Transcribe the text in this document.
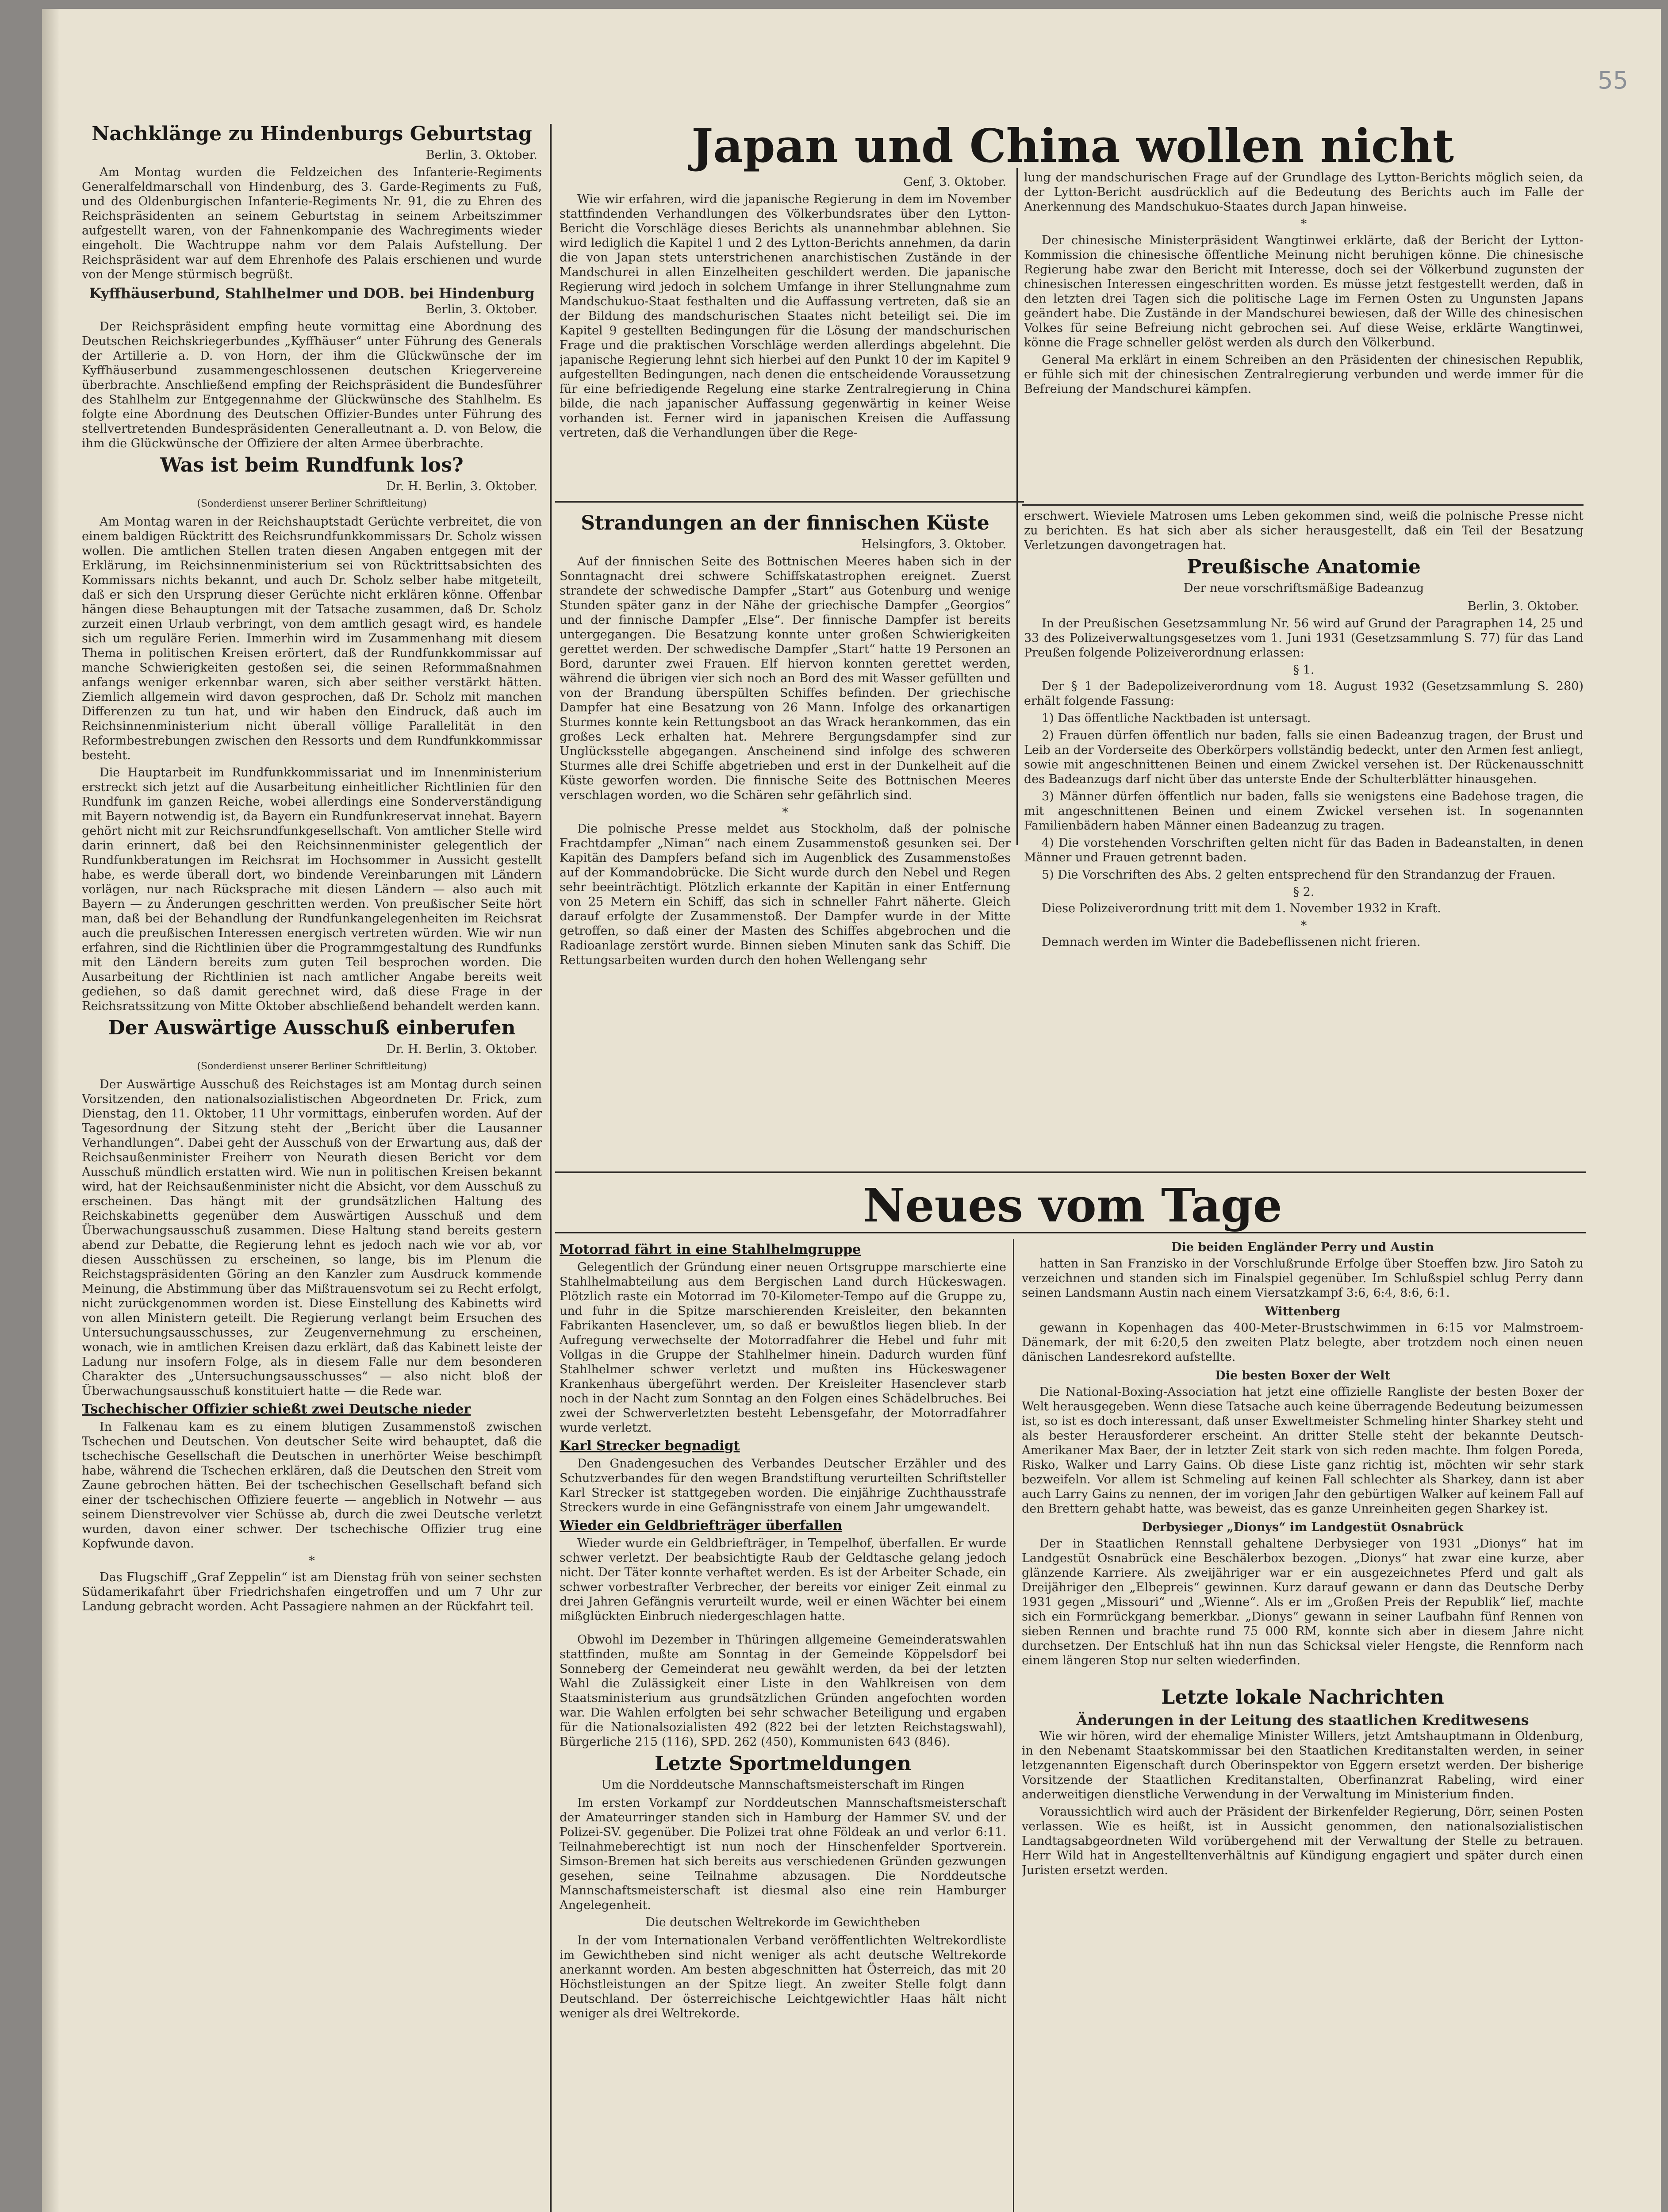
55
Nachklänge zu Hindenburgs Geburtstag
Berlin, 3. Oktober.

Am Montag wurden die Feldzeichen des Infanterie-Regiments Generalfeldmarschall von Hindenburg, des 3. Garde-Regiments zu Fuß, und des Oldenburgischen Infanterie-Regiments Nr. 91, die zu Ehren des Reichspräsidenten an seinem Geburtstag in seinem Arbeitszimmer aufgestellt waren, von der Fahnenkompanie des Wachregiments wieder eingeholt. Die Wachtruppe nahm vor dem Palais Aufstellung. Der Reichspräsident war auf dem Ehrenhofe des Palais erschienen und wurde von der Menge stürmisch begrüßt.

Kyffhäuserbund, Stahlhelmer und DOB. bei Hindenburg
Berlin, 3. Oktober.

Der Reichspräsident empfing heute vormittag eine Abordnung des Deutschen Reichskriegerbundes „Kyffhäuser“ unter Führung des Generals der Artillerie a. D. von Horn, der ihm die Glückwünsche der im Kyffhäuserbund zusammengeschlossenen deutschen Kriegervereine überbrachte. Anschließend empfing der Reichspräsident die Bundesführer des Stahlhelm zur Entgegennahme der Glückwünsche des Stahlhelm. Es folgte eine Abordnung des Deutschen Offizier-Bundes unter Führung des stellvertretenden Bundespräsidenten Generalleutnant a. D. von Below, die ihm die Glückwünsche der Offiziere der alten Armee überbrachte.

Was ist beim Rundfunk los?
Dr. H. Berlin, 3. Oktober.
(Sonderdienst unserer Berliner Schriftleitung)

Am Montag waren in der Reichshauptstadt Gerüchte verbreitet, die von einem baldigen Rücktritt des Reichsrundfunkkommissars Dr. Scholz wissen wollen. Die amtlichen Stellen traten diesen Angaben entgegen mit der Erklärung, im Reichsinnenministerium sei von Rücktrittsabsichten des Kommissars nichts bekannt, und auch Dr. Scholz selber habe mitgeteilt, daß er sich den Ursprung dieser Gerüchte nicht erklären könne. Offenbar hängen diese Behauptungen mit der Tatsache zusammen, daß Dr. Scholz zurzeit einen Urlaub verbringt, von dem amtlich gesagt wird, es handele sich um reguläre Ferien. Immerhin wird im Zusammenhang mit diesem Thema in politischen Kreisen erörtert, daß der Rundfunkkommissar auf manche Schwierigkeiten gestoßen sei, die seinen Reformmaßnahmen anfangs weniger erkennbar waren, sich aber seither verstärkt hätten. Ziemlich allgemein wird davon gesprochen, daß Dr. Scholz mit manchen Differenzen zu tun hat, und wir haben den Eindruck, daß auch im Reichsinnenministerium nicht überall völlige Parallelität in den Reformbestrebungen zwischen den Ressorts und dem Rundfunkkommissar besteht.

Die Hauptarbeit im Rundfunkkommissariat und im Innenministerium erstreckt sich jetzt auf die Ausarbeitung einheitlicher Richtlinien für den Rundfunk im ganzen Reiche, wobei allerdings eine Sonderverständigung mit Bayern notwendig ist, da Bayern ein Rundfunkreservat innehat. Bayern gehört nicht mit zur Reichsrundfunkgesellschaft. Von amtlicher Stelle wird darin erinnert, daß bei den Reichsinnenminister gelegentlich der Rundfunkberatungen im Reichsrat im Hochsommer in Aussicht gestellt habe, es werde überall dort, wo bindende Vereinbarungen mit Ländern vorlägen, nur nach Rücksprache mit diesen Ländern — also auch mit Bayern — zu Änderungen geschritten werden. Von preußischer Seite hört man, daß bei der Behandlung der Rundfunkangelegenheiten im Reichsrat auch die preußischen Interessen energisch vertreten würden. Wie wir nun erfahren, sind die Richtlinien über die Programmgestaltung des Rundfunks mit den Ländern bereits zum guten Teil besprochen worden. Die Ausarbeitung der Richtlinien ist nach amtlicher Angabe bereits weit gediehen, so daß damit gerechnet wird, daß diese Frage in der Reichsratssitzung von Mitte Oktober abschließend behandelt werden kann.

Der Auswärtige Ausschuß einberufen
Dr. H. Berlin, 3. Oktober.
(Sonderdienst unserer Berliner Schriftleitung)

Der Auswärtige Ausschuß des Reichstages ist am Montag durch seinen Vorsitzenden, den nationalsozialistischen Abgeordneten Dr. Frick, zum Dienstag, den 11. Oktober, 11 Uhr vormittags, einberufen worden. Auf der Tagesordnung der Sitzung steht der „Bericht über die Lausanner Verhandlungen“. Dabei geht der Ausschuß von der Erwartung aus, daß der Reichsaußenminister Freiherr von Neurath diesen Bericht vor dem Ausschuß mündlich erstatten wird. Wie nun in politischen Kreisen bekannt wird, hat der Reichsaußenminister nicht die Absicht, vor dem Ausschuß zu erscheinen. Das hängt mit der grundsätzlichen Haltung des Reichskabinetts gegenüber dem Auswärtigen Ausschuß und dem Überwachungsausschuß zusammen. Diese Haltung stand bereits gestern abend zur Debatte, die Regierung lehnt es jedoch nach wie vor ab, vor diesen Ausschüssen zu erscheinen, so lange, bis im Plenum die Reichstagspräsidenten Göring an den Kanzler zum Ausdruck kommende Meinung, die Abstimmung über das Mißtrauensvotum sei zu Recht erfolgt, nicht zurückgenommen worden ist. Diese Einstellung des Kabinetts wird von allen Ministern geteilt. Die Regierung verlangt beim Ersuchen des Untersuchungsausschusses, zur Zeugenvernehmung zu erscheinen, wonach, wie in amtlichen Kreisen dazu erklärt, daß das Kabinett leiste der Ladung nur insofern Folge, als in diesem Falle nur dem besonderen Charakter des „Untersuchungsausschusses“ — also nicht bloß der Überwachungsausschuß konstituiert hatte — die Rede war.

Tschechischer Offizier schießt zwei Deutsche nieder

In Falkenau kam es zu einem blutigen Zusammenstoß zwischen Tschechen und Deutschen. Von deutscher Seite wird behauptet, daß die tschechische Gesellschaft die Deutschen in unerhörter Weise beschimpft habe, während die Tschechen erklären, daß die Deutschen den Streit vom Zaune gebrochen hätten. Bei der tschechischen Gesellschaft befand sich einer der tschechischen Offiziere feuerte — angeblich in Notwehr — aus seinem Dienstrevolver vier Schüsse ab, durch die zwei Deutsche verletzt wurden, davon einer schwer. Der tschechische Offizier trug eine Kopfwunde davon.

*

Das Flugschiff „Graf Zeppelin“ ist am Dienstag früh von seiner sechsten Südamerikafahrt über Friedrichshafen eingetroffen und um 7 Uhr zur Landung gebracht worden. Acht Passagiere nahmen an der Rückfahrt teil.

Japan und China wollen nicht
Genf, 3. Oktober.

Wie wir erfahren, wird die japanische Regierung in dem im November stattfindenden Verhandlungen des Völkerbundsrates über den Lytton-Bericht die Vorschläge dieses Berichts als unannehmbar ablehnen. Sie wird lediglich die Kapitel 1 und 2 des Lytton-Berichts annehmen, da darin die von Japan stets unterstrichenen anarchistischen Zustände in der Mandschurei in allen Einzelheiten geschildert werden. Die japanische Regierung wird jedoch in solchem Umfange in ihrer Stellungnahme zum Mandschukuo-Staat festhalten und die Auffassung vertreten, daß sie an der Bildung des mandschurischen Staates nicht beteiligt sei. Die im Kapitel 9 gestellten Bedingungen für die Lösung der mandschurischen Frage und die praktischen Vorschläge werden allerdings abgelehnt. Die japanische Regierung lehnt sich hierbei auf den Punkt 10 der im Kapitel 9 aufgestellten Bedingungen, nach denen die entscheidende Voraussetzung für eine befriedigende Regelung eine starke Zentralregierung in China bilde, die nach japanischer Auffassung gegenwärtig in keiner Weise vorhanden ist. Ferner wird in japanischen Kreisen die Auffassung vertreten, daß die Verhandlungen über die Rege-

lung der mandschurischen Frage auf der Grundlage des Lytton-Berichts möglich seien, da der Lytton-Bericht ausdrücklich auf die Bedeutung des Berichts auch im Falle der Anerkennung des Mandschukuo-Staates durch Japan hinweise.

*

Der chinesische Ministerpräsident Wangtinwei erklärte, daß der Bericht der Lytton-Kommission die chinesische öffentliche Meinung nicht beruhigen könne. Die chinesische Regierung habe zwar den Bericht mit Interesse, doch sei der Völkerbund zugunsten der chinesischen Interessen eingeschritten worden. Es müsse jetzt festgestellt werden, daß in den letzten drei Tagen sich die politische Lage im Fernen Osten zu Ungunsten Japans geändert habe. Die Zustände in der Mandschurei bewiesen, daß der Wille des chinesischen Volkes für seine Befreiung nicht gebrochen sei. Auf diese Weise, erklärte Wangtinwei, könne die Frage schneller gelöst werden als durch den Völkerbund.

General Ma erklärt in einem Schreiben an den Präsidenten der chinesischen Republik, er fühle sich mit der chinesischen Zentralregierung verbunden und werde immer für die Befreiung der Mandschurei kämpfen.

Strandungen an der finnischen Küste
Helsingfors, 3. Oktober.

Auf der finnischen Seite des Bottnischen Meeres haben sich in der Sonntagnacht drei schwere Schiffskatastrophen ereignet. Zuerst strandete der schwedische Dampfer „Start“ aus Gotenburg und wenige Stunden später ganz in der Nähe der griechische Dampfer „Georgios“ und der finnische Dampfer „Else“. Der finnische Dampfer ist bereits untergegangen. Die Besatzung konnte unter großen Schwierigkeiten gerettet werden. Der schwedische Dampfer „Start“ hatte 19 Personen an Bord, darunter zwei Frauen. Elf hiervon konnten gerettet werden, während die übrigen vier sich noch an Bord des mit Wasser gefüllten und von der Brandung überspülten Schiffes befinden. Der griechische Dampfer hat eine Besatzung von 26 Mann. Infolge des orkanartigen Sturmes konnte kein Rettungsboot an das Wrack herankommen, das ein großes Leck erhalten hat. Mehrere Bergungsdampfer sind zur Unglücksstelle abgegangen. Anscheinend sind infolge des schweren Sturmes alle drei Schiffe abgetrieben und erst in der Dunkelheit auf die Küste geworfen worden. Die finnische Seite des Bottnischen Meeres verschlagen worden, wo die Schären sehr gefährlich sind.

*

Die polnische Presse meldet aus Stockholm, daß der polnische Frachtdampfer „Niman“ nach einem Zusammenstoß gesunken sei. Der Kapitän des Dampfers befand sich im Augenblick des Zusammenstoßes auf der Kommandobrücke. Die Sicht wurde durch den Nebel und Regen sehr beeinträchtigt. Plötzlich erkannte der Kapitän in einer Entfernung von 25 Metern ein Schiff, das sich in schneller Fahrt näherte. Gleich darauf erfolgte der Zusammenstoß. Der Dampfer wurde in der Mitte getroffen, so daß einer der Masten des Schiffes abgebrochen und die Radioanlage zerstört wurde. Binnen sieben Minuten sank das Schiff. Die Rettungsarbeiten wurden durch den hohen Wellengang sehr

erschwert. Wieviele Matrosen ums Leben gekommen sind, weiß die polnische Presse nicht zu berichten. Es hat sich aber als sicher herausgestellt, daß ein Teil der Besatzung Verletzungen davongetragen hat.

Preußische Anatomie
Der neue vorschriftsmäßige Badeanzug
Berlin, 3. Oktober.

In der Preußischen Gesetzsammlung Nr. 56 wird auf Grund der Paragraphen 14, 25 und 33 des Polizeiverwaltungsgesetzes vom 1. Juni 1931 (Gesetzsammlung S. 77) für das Land Preußen folgende Polizeiverordnung erlassen:

§ 1.

Der § 1 der Badepolizeiverordnung vom 18. August 1932 (Gesetzsammlung S. 280) erhält folgende Fassung:

1) Das öffentliche Nacktbaden ist untersagt.

2) Frauen dürfen öffentlich nur baden, falls sie einen Badeanzug tragen, der Brust und Leib an der Vorderseite des Oberkörpers vollständig bedeckt, unter den Armen fest anliegt, sowie mit angeschnittenen Beinen und einem Zwickel versehen ist. Der Rückenausschnitt des Badeanzugs darf nicht über das unterste Ende der Schulterblätter hinausgehen.

3) Männer dürfen öffentlich nur baden, falls sie wenigstens eine Badehose tragen, die mit angeschnittenen Beinen und einem Zwickel versehen ist. In sogenannten Familienbädern haben Männer einen Badeanzug zu tragen.

4) Die vorstehenden Vorschriften gelten nicht für das Baden in Badeanstalten, in denen Männer und Frauen getrennt baden.

5) Die Vorschriften des Abs. 2 gelten entsprechend für den Strandanzug der Frauen.

§ 2.

Diese Polizeiverordnung tritt mit dem 1. November 1932 in Kraft.

*

Demnach werden im Winter die Badebeflissenen nicht frieren.

Neues vom Tage
Motorrad fährt in eine Stahlhelmgruppe

Gelegentlich der Gründung einer neuen Ortsgruppe marschierte eine Stahlhelmabteilung aus dem Bergischen Land durch Hückeswagen. Plötzlich raste ein Motorrad im 70-Kilometer-Tempo auf die Gruppe zu, und fuhr in die Spitze marschierenden Kreisleiter, den bekannten Fabrikanten Hasenclever, um, so daß er bewußtlos liegen blieb. In der Aufregung verwechselte der Motorradfahrer die Hebel und fuhr mit Vollgas in die Gruppe der Stahlhelmer hinein. Dadurch wurden fünf Stahlhelmer schwer verletzt und mußten ins Hückeswagener Krankenhaus übergeführt werden. Der Kreisleiter Hasenclever starb noch in der Nacht zum Sonntag an den Folgen eines Schädelbruches. Bei zwei der Schwerverletzten besteht Lebensgefahr, der Motorradfahrer wurde verletzt.

Karl Strecker begnadigt

Den Gnadengesuchen des Verbandes Deutscher Erzähler und des Schutzverbandes für den wegen Brandstiftung verurteilten Schriftsteller Karl Strecker ist stattgegeben worden. Die einjährige Zuchthausstrafe Streckers wurde in eine Gefängnisstrafe von einem Jahr umgewandelt.

Wieder ein Geldbriefträger überfallen

Wieder wurde ein Geldbriefträger, in Tempelhof, überfallen. Er wurde schwer verletzt. Der beabsichtigte Raub der Geldtasche gelang jedoch nicht. Der Täter konnte verhaftet werden. Es ist der Arbeiter Schade, ein schwer vorbestrafter Verbrecher, der bereits vor einiger Zeit einmal zu drei Jahren Gefängnis verurteilt wurde, weil er einen Wächter bei einem mißglückten Einbruch niedergeschlagen hatte.

Obwohl im Dezember in Thüringen allgemeine Gemeinderatswahlen stattfinden, mußte am Sonntag in der Gemeinde Köppelsdorf bei Sonneberg der Gemeinderat neu gewählt werden, da bei der letzten Wahl die Zulässigkeit einer Liste in den Wahlkreisen von dem Staatsministerium aus grundsätzlichen Gründen angefochten worden war. Die Wahlen erfolgten bei sehr schwacher Beteiligung und ergaben für die Nationalsozialisten 492 (822 bei der letzten Reichstagswahl), Bürgerliche 215 (116), SPD. 262 (450), Kommunisten 643 (846).

Letzte Sportmeldungen
Um die Norddeutsche Mannschaftsmeisterschaft im Ringen

Im ersten Vorkampf zur Norddeutschen Mannschaftsmeisterschaft der Amateurringer standen sich in Hamburg der Hammer SV. und der Polizei-SV. gegenüber. Die Polizei trat ohne Földeak an und verlor 6:11. Teilnahmeberechtigt ist nun noch der Hinschenfelder Sportverein. Simson-Bremen hat sich bereits aus verschiedenen Gründen gezwungen gesehen, seine Teilnahme abzusagen. Die Norddeutsche Mannschaftsmeisterschaft ist diesmal also eine rein Hamburger Angelegenheit.

Die deutschen Weltrekorde im Gewichtheben

In der vom Internationalen Verband veröffentlichten Weltrekordliste im Gewichtheben sind nicht weniger als acht deutsche Weltrekorde anerkannt worden. Am besten abgeschnitten hat Österreich, das mit 20 Höchstleistungen an der Spitze liegt. An zweiter Stelle folgt dann Deutschland. Der österreichische Leichtgewichtler Haas hält nicht weniger als drei Weltrekorde.

Die beiden Engländer Perry und Austin

hatten in San Franzisko in der Vorschlußrunde Erfolge über Stoeffen bzw. Jiro Satoh zu verzeichnen und standen sich im Finalspiel gegenüber. Im Schlußspiel schlug Perry dann seinen Landsmann Austin nach einem Viersatzkampf 3:6, 6:4, 8:6, 6:1.

Wittenberg

gewann in Kopenhagen das 400-Meter-Brustschwimmen in 6:15 vor Malmstroem-Dänemark, der mit 6:20,5 den zweiten Platz belegte, aber trotzdem noch einen neuen dänischen Landesrekord aufstellte.

Die besten Boxer der Welt

Die National-Boxing-Association hat jetzt eine offizielle Rangliste der besten Boxer der Welt herausgegeben. Wenn diese Tatsache auch keine überragende Bedeutung beizumessen ist, so ist es doch interessant, daß unser Exweltmeister Schmeling hinter Sharkey steht und als bester Herausforderer erscheint. An dritter Stelle steht der bekannte Deutsch-Amerikaner Max Baer, der in letzter Zeit stark von sich reden machte. Ihm folgen Poreda, Risko, Walker und Larry Gains. Ob diese Liste ganz richtig ist, möchten wir sehr stark bezweifeln. Vor allem ist Schmeling auf keinen Fall schlechter als Sharkey, dann ist aber auch Larry Gains zu nennen, der im vorigen Jahr den gebürtigen Walker auf keinem Fall auf den Brettern gehabt hatte, was beweist, das es ganze Unreinheiten gegen Sharkey ist.

Derbysieger „Dionys“ im Landgestüt Osnabrück

Der in Staatlichen Rennstall gehaltene Derbysieger von 1931 „Dionys“ hat im Landgestüt Osnabrück eine Beschälerbox bezogen. „Dionys“ hat zwar eine kurze, aber glänzende Karriere. Als zweijähriger war er ein ausgezeichnetes Pferd und galt als Dreijähriger den „Elbepreis“ gewinnen. Kurz darauf gewann er dann das Deutsche Derby 1931 gegen „Missouri“ und „Wienne“. Als er im „Großen Preis der Republik“ lief, machte sich ein Formrückgang bemerkbar. „Dionys“ gewann in seiner Laufbahn fünf Rennen von sieben Rennen und brachte rund 75 000 RM, konnte sich aber in diesem Jahre nicht durchsetzen. Der Entschluß hat ihn nun das Schicksal vieler Hengste, die Rennform nach einem längeren Stop nur selten wiederfinden.

Letzte lokale Nachrichten
Änderungen in der Leitung des staatlichen Kreditwesens

Wie wir hören, wird der ehemalige Minister Willers, jetzt Amtshauptmann in Oldenburg, in den Nebenamt Staatskommissar bei den Staatlichen Kreditanstalten werden, in seiner letzgenannten Eigenschaft durch Oberinspektor von Eggern ersetzt werden. Der bisherige Vorsitzende der Staatlichen Kreditanstalten, Oberfinanzrat Rabeling, wird einer anderweitigen dienstliche Verwendung in der Verwaltung im Ministerium finden.

Voraussichtlich wird auch der Präsident der Birkenfelder Regierung, Dörr, seinen Posten verlassen. Wie es heißt, ist in Aussicht genommen, den nationalsozialistischen Landtagsabgeordneten Wild vorübergehend mit der Verwaltung der Stelle zu betrauen. Herr Wild hat in Angestelltenverhältnis auf Kündigung engagiert und später durch einen Juristen ersetzt werden.
